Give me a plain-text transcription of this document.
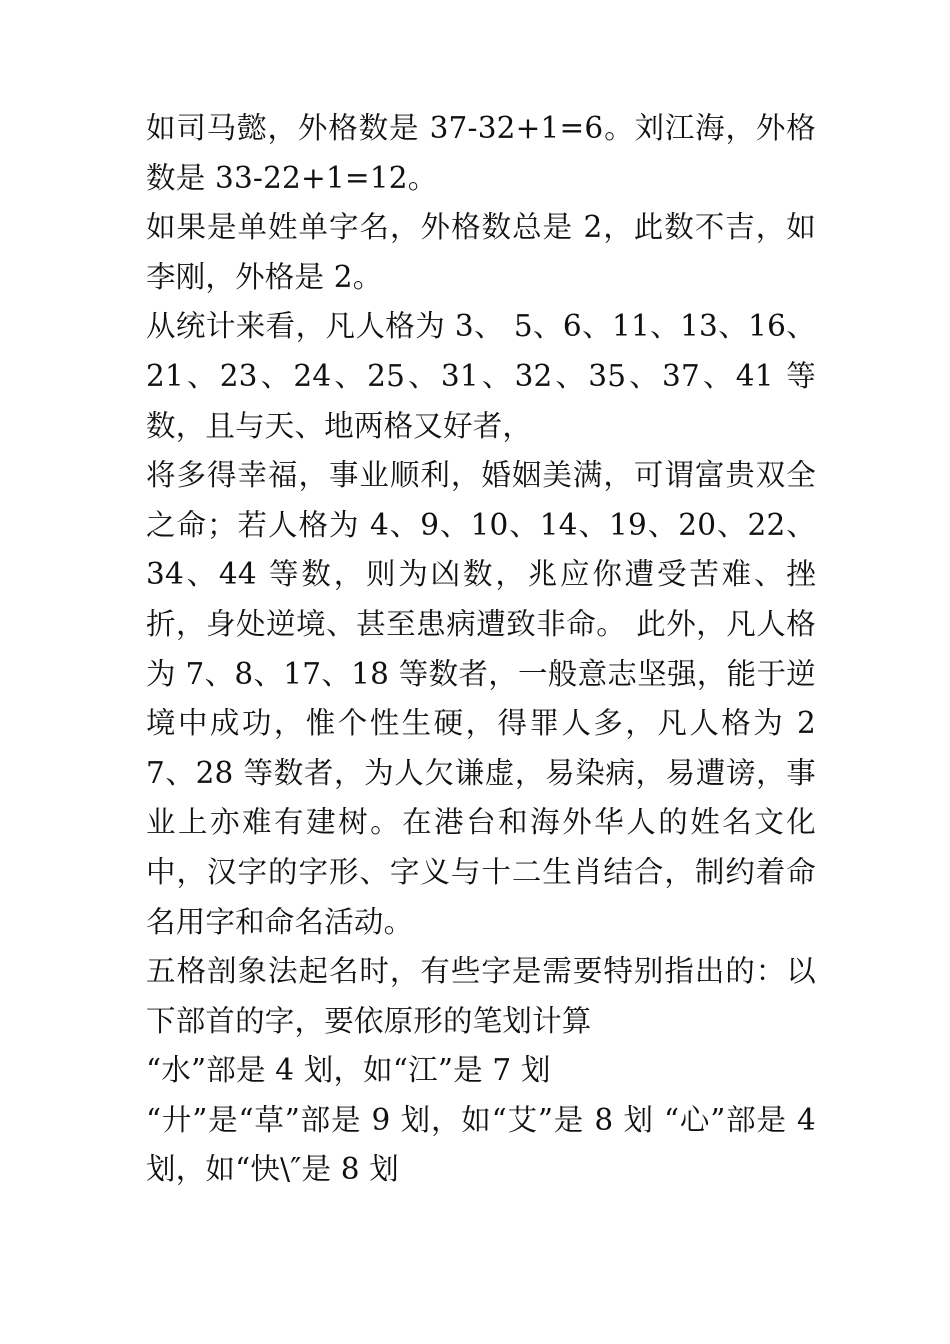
如司马懿，外格数是 37-32+1=6。刘江海，外格数是 33-22+1=12。

如果是单姓单字名，外格数总是 2，此数不吉，如李刚，外格是 2。

从统计来看，凡人格为 3、 5、6、11、13、16、21、23、24、25、31、32、35、37、41 等数，且与天、地两格又好者，

将多得幸福，事业顺利，婚姻美满，可谓富贵双全之命；若人格为 4、9、10、14、19、20、22、34、44 等数，则为凶数，兆应你遭受苦难、挫折，身处逆境、甚至患病遭致非命。 此外，凡人格为 7、8、17、18 等数者，一般意志坚强，能于逆境中成功，惟个性生硬，得罪人多，凡人格为 27、28 等数者，为人欠谦虚，易染病，易遭谤，事业上亦难有建树。在港台和海外华人的姓名文化中，汉字的字形、字义与十二生肖结合，制约着命名用字和命名活动。

五格剖象法起名时，有些字是需要特别指出的：以下部首的字，要依原形的笔划计算

“水”部是 4 划，如“江”是 7 划

“廾”是“草”部是 9 划，如“艾”是 8 划 “心”部是 4 划，如“快\″是 8 划
